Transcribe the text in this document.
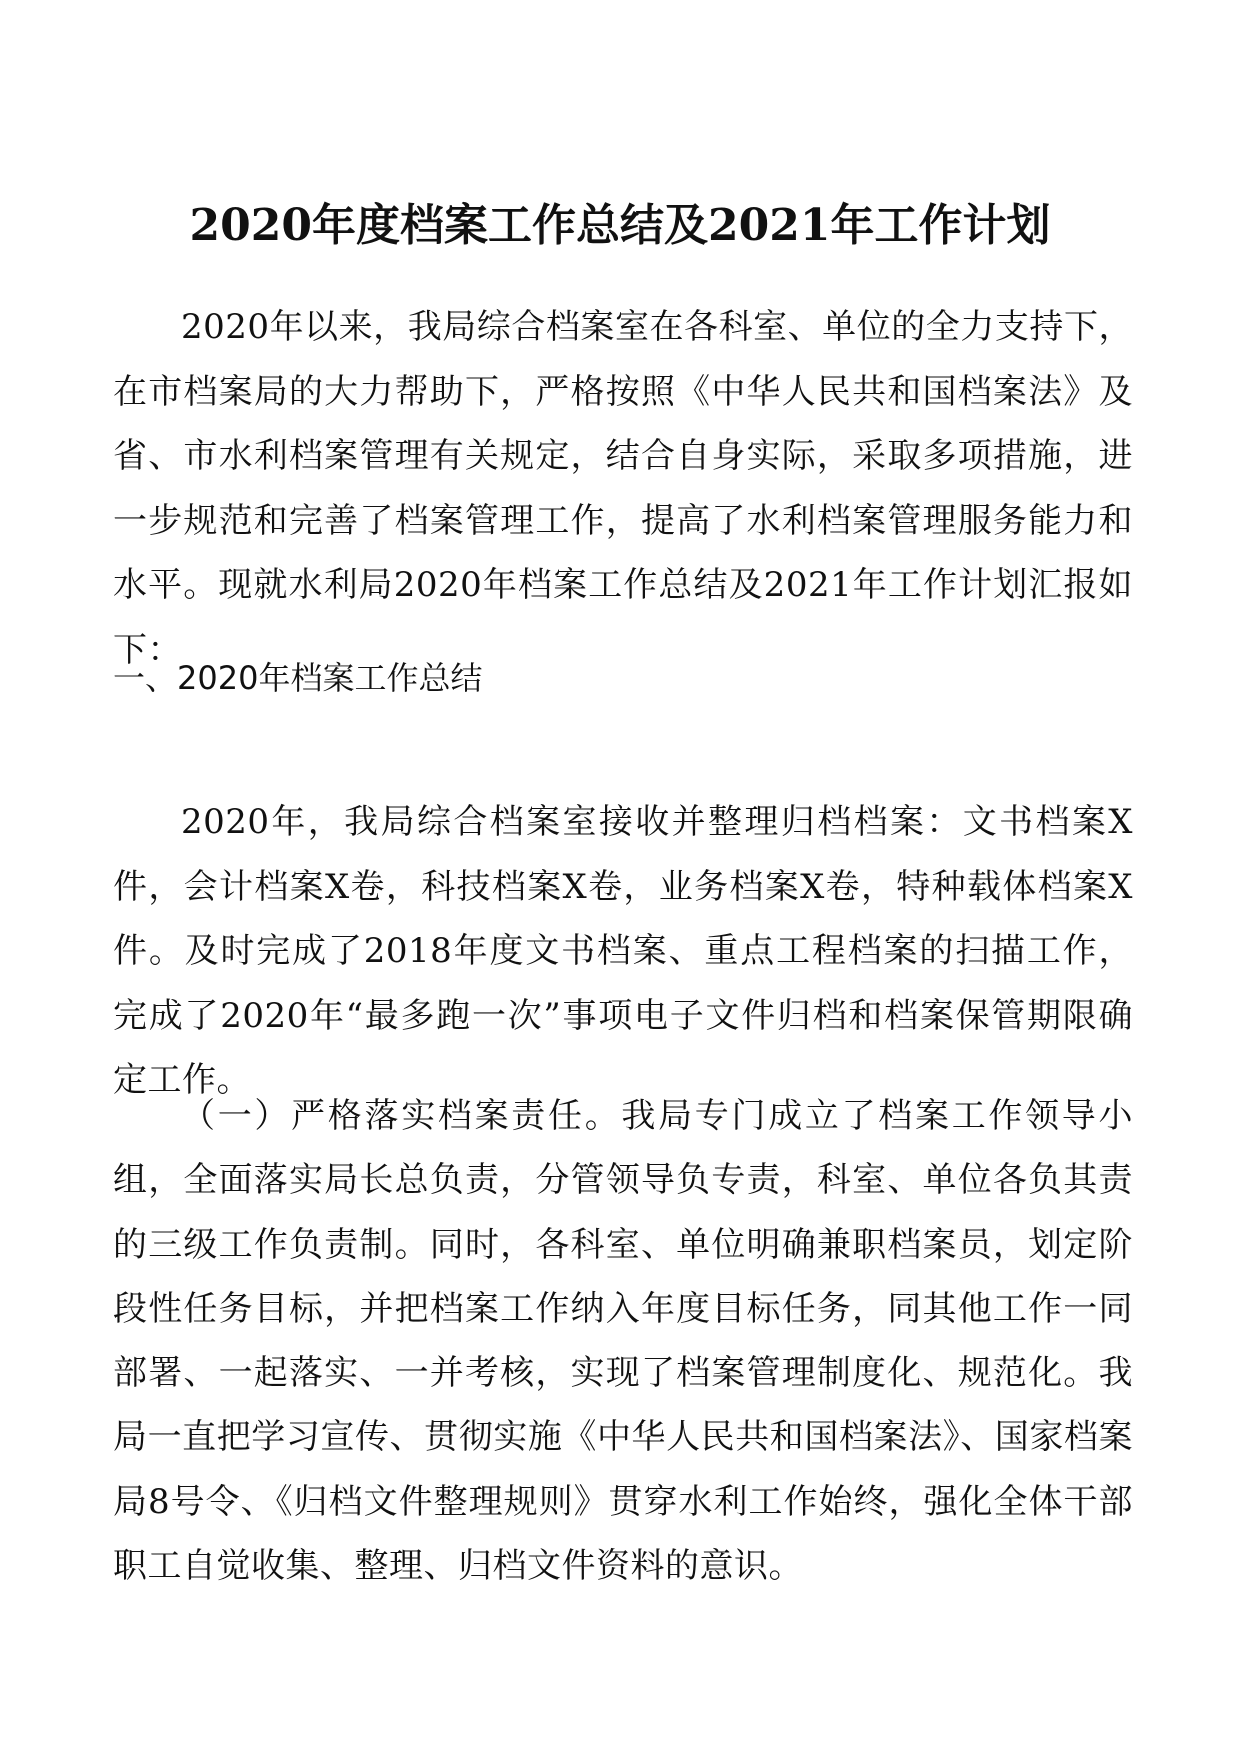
2020年度档案工作总结及2021年工作计划

2020年以来，我局综合档案室在各科室、单位的全力支持下，在市档案局的大力帮助下，严格按照《中华人民共和国档案法》及省、市水利档案管理有关规定，结合自身实际，采取多项措施，进一步规范和完善了档案管理工作，提高了水利档案管理服务能力和水平。现就水利局2020年档案工作总结及2021年工作计划汇报如下：

一、2020年档案工作总结

2020年，我局综合档案室接收并整理归档档案：文书档案X件，会计档案X卷，科技档案X卷，业务档案X卷，特种载体档案X件。及时完成了2018年度文书档案、重点工程档案的扫描工作，完成了2020年“最多跑一次”事项电子文件归档和档案保管期限确定工作。

（一）严格落实档案责任。我局专门成立了档案工作领导小组，全面落实局长总负责，分管领导负专责，科室、单位各负其责的三级工作负责制。同时，各科室、单位明确兼职档案员，划定阶段性任务目标，并把档案工作纳入年度目标任务，同其他工作一同部署、一起落实、一并考核，实现了档案管理制度化、规范化。我局一直把学习宣传、贯彻实施《中华人民共和国档案法》、国家档案局8号令、《归档文件整理规则》贯穿水利工作始终，强化全体干部职工自觉收集、整理、归档文件资料的意识。
